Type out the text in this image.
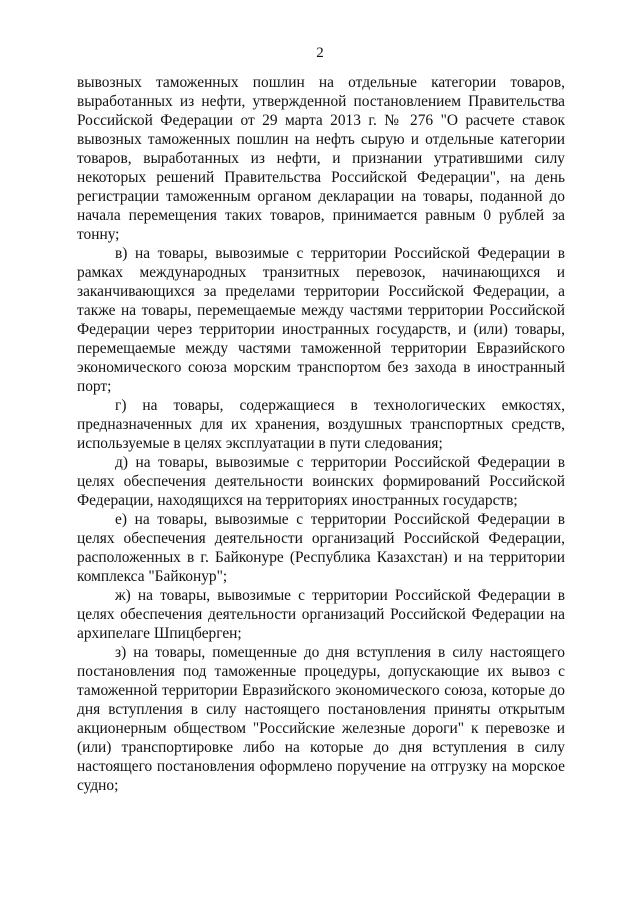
2

вывозных таможенных пошлин на отдельные категории товаров, выработанных из нефти, утвержденной постановлением Правительства Российской Федерации от 29 марта 2013 г. № 276 "О расчете ставок вывозных таможенных пошлин на нефть сырую и отдельные категории товаров, выработанных из нефти, и признании утратившими силу некоторых решений Правительства Российской Федерации", на день регистрации таможенным органом декларации на товары, поданной до начала перемещения таких товаров, принимается равным 0 рублей за тонну;

в) на товары, вывозимые с территории Российской Федерации в рамках международных транзитных перевозок, начинающихся и заканчивающихся за пределами территории Российской Федерации, а также на товары, перемещаемые между частями территории Российской Федерации через территории иностранных государств, и (или) товары, перемещаемые между частями таможенной территории Евразийского экономического союза морским транспортом без захода в иностранный порт;

г) на товары, содержащиеся в технологических емкостях, предназначенных для их хранения, воздушных транспортных средств, используемые в целях эксплуатации в пути следования;

д) на товары, вывозимые с территории Российской Федерации в целях обеспечения деятельности воинских формирований Российской Федерации, находящихся на территориях иностранных государств;

е) на товары, вывозимые с территории Российской Федерации в целях обеспечения деятельности организаций Российской Федерации, расположенных в г. Байконуре (Республика Казахстан) и на территории комплекса "Байконур";

ж) на товары, вывозимые с территории Российской Федерации в целях обеспечения деятельности организаций Российской Федерации на архипелаге Шпицберген;

з) на товары, помещенные до дня вступления в силу настоящего постановления под таможенные процедуры, допускающие их вывоз с таможенной территории Евразийского экономического союза, которые до дня вступления в силу настоящего постановления приняты открытым акционерным обществом "Российские железные дороги" к перевозке и (или) транспортировке либо на которые до дня вступления в силу настоящего постановления оформлено поручение на отгрузку на морское судно;
